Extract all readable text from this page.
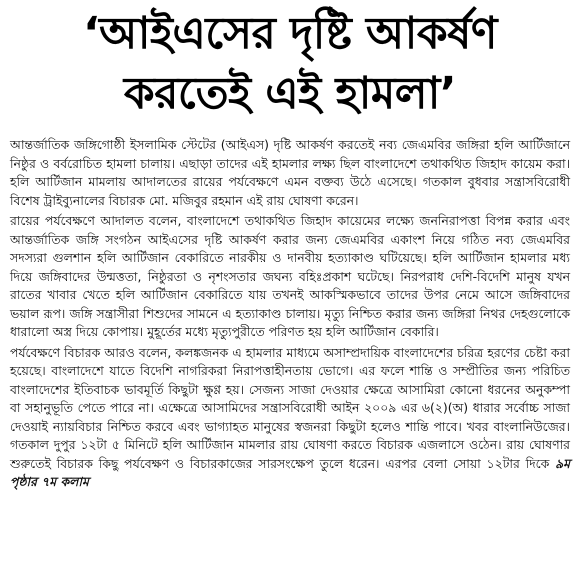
‘আইএসের দৃষ্টি আকর্ষণ
করতেই এই হামলা’

আন্তর্জাতিক জঙ্গিগোষ্ঠী ইসলামিক স্টেটের (আইএস) দৃষ্টি আকর্ষণ করতেই নব্য জেএমবির জঙ্গিরা হলি আর্টিজানে নিষ্ঠুর ও বর্বরোচিত হামলা চালায়। এছাড়া তাদের এই হামলার লক্ষ্য ছিল বাংলাদেশে তথাকথিত জিহাদ কায়েম করা। হলি আর্টিজান মামলায় আদালতের রায়ের পর্যবেক্ষণে এমন বক্তব্য উঠে এসেছে। গতকাল বুধবার সন্ত্রাসবিরোধী বিশেষ ট্রাইব্যুনালের বিচারক মো. মজিবুর রহমান এই রায় ঘোষণা করেন।

রায়ের পর্যবেক্ষণে আদালত বলেন, বাংলাদেশে তথাকথিত জিহাদ কায়েমের লক্ষ্যে জননিরাপত্তা বিপন্ন করার এবং আন্তর্জাতিক জঙ্গি সংগঠন আইএসের দৃষ্টি আকর্ষণ করার জন্য জেএমবির একাংশ নিয়ে গঠিত নব্য জেএমবির সদস্যরা গুলশান হলি আর্টিজান বেকারিতে নারকীয় ও দানবীয় হত্যাকাণ্ড ঘটিয়েছে। হলি আর্টিজান হামলার মধ্য দিয়ে জঙ্গিবাদের উন্মত্ততা, নিষ্ঠুরতা ও নৃশংসতার জঘন্য বহিঃপ্রকাশ ঘটেছে। নিরপরাধ দেশি-বিদেশি মানুষ যখন রাতের খাবার খেতে হলি আর্টিজান বেকারিতে যায় তখনই আকস্মিকভাবে তাদের উপর নেমে আসে জঙ্গিবাদের ভয়াল রূপ। জঙ্গি সন্ত্রাসীরা শিশুদের সামনে এ হত্যাকাণ্ড চালায়। মৃত্যু নিশ্চিত করার জন্য জঙ্গিরা নিথর দেহগুলোকে ধারালো অস্ত্র দিয়ে কোপায়। মুহূর্তের মধ্যে মৃত্যুপুরীতে পরিণত হয় হলি আর্টিজান বেকারি।

পর্যবেক্ষণে বিচারক আরও বলেন, কলঙ্কজনক এ হামলার মাধ্যমে অসাম্প্রদায়িক বাংলাদেশের চরিত্র হরণের চেষ্টা করা হয়েছে। বাংলাদেশে যাতে বিদেশি নাগরিকরা নিরাপত্তাহীনতায় ভোগে। এর ফলে শান্তি ও সম্প্রীতির জন্য পরিচিত বাংলাদেশের ইতিবাচক ভাবমূর্তি কিছুটা ক্ষুণ্ণ হয়। সেজন্য সাজা দেওয়ার ক্ষেত্রে আসামিরা কোনো ধরনের অনুকম্পা বা সহানুভূতি পেতে পারে না। এক্ষেত্রে আসামিদের সন্ত্রাসবিরোধী আইন ২০০৯ এর ৬(২)(অ) ধারার সর্বোচ্চ সাজা দেওয়াই ন্যায়বিচার নিশ্চিত করবে এবং ভাগ্যাহত মানুষের স্বজনরা কিছুটা হলেও শান্তি পাবে। খবর বাংলানিউজের। গতকাল দুপুর ১২টা ৫ মিনিটে হলি আর্টিজান মামলার রায় ঘোষণা করতে বিচারক এজলাসে ওঠেন। রায় ঘোষণার শুরুতেই বিচারক কিছু পর্যবেক্ষণ ও বিচারকাজের সারসংক্ষেপ তুলে ধরেন। এরপর বেলা সোয়া ১২টার দিকে ৯ম পৃষ্ঠার ৭ম কলাম
